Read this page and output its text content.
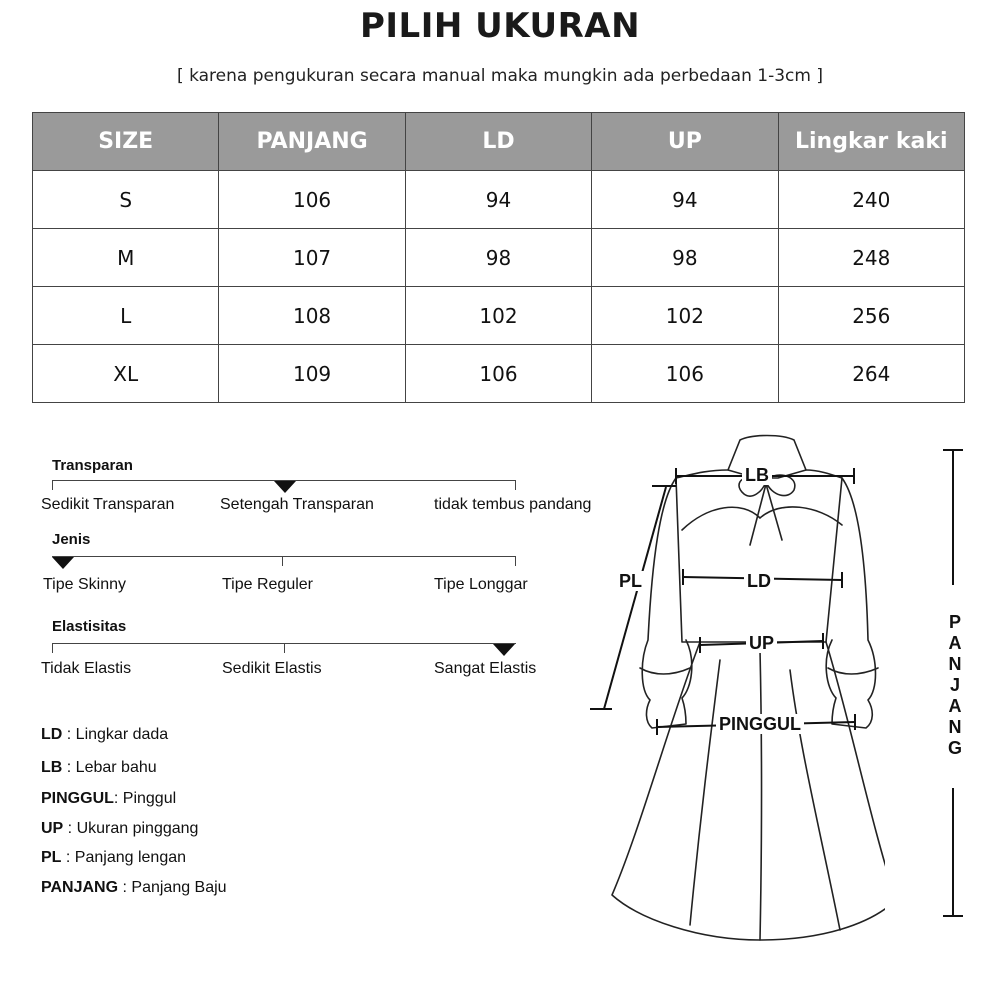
PILIH UKURAN
[ karena pengukuran secara manual maka mungkin ada perbedaan 1-3cm ]
SIZE	PANJANG	LD	UP	Lingkar kaki
S	106	94	94	240
M	107	98	98	248
L	108	102	102	256
XL	109	106	106	264
Transparan
Sedikit Transparan	Setengah Transparan	tidak tembus pandang
Jenis
Tipe Skinny	Tipe Reguler	Tipe Longgar
Elastisitas
Tidak Elastis	Sedikit Elastis	Sangat Elastis
LD : Lingkar dada
LB : Lebar bahu
PINGGUL: Pinggul
UP : Ukuran pinggang
PL : Panjang lengan
PANJANG : Panjang Baju
LB
PL	LD
UP
PINGGUL
P
A
N
J
A
N
G
